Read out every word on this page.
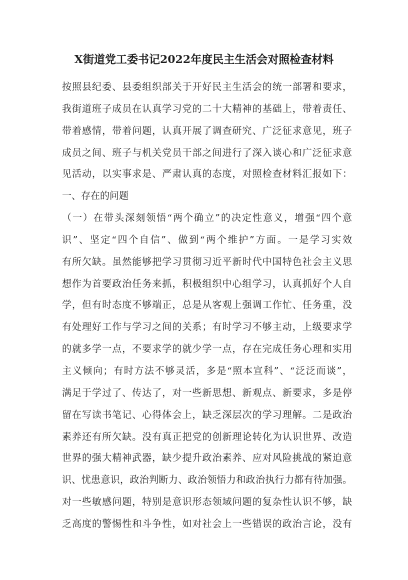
X街道党工委书记2022年度民主生活会对照检查材料
按照县纪委、县委组织部关于开好民主生活会的统一部署和要求，
我街道班子成员在认真学习党的二十大精神的基础上，带着责任、
带着感情，带着问题，认真开展了调查研究、广泛征求意见，班子
成员之间、班子与机关党员干部之间进行了深入谈心和广泛征求意
见活动，以实事求是、严肃认真的态度，对照检查材料汇报如下：
一、存在的问题
（一）在带头深刻领悟“两个确立”的决定性意义，增强“四个意
识”、坚定“四个自信”、做到“两个维护”方面。一是学习实效
有所欠缺。虽然能够把学习贯彻习近平新时代中国特色社会主义思
想作为首要政治任务来抓，积极组织中心组学习，认真抓好个人自
学，但有时态度不够端正，总是从客观上强调工作忙、任务重，没
有处理好工作与学习之间的关系；有时学习不够主动，上级要求学
的就多学一点，不要求学的就少学一点，存在完成任务心理和实用
主义倾向；有时方法不够灵活，多是“照本宣科”、“泛泛而谈”，
满足于学过了、传达了，对一些新思想、新观点、新要求，多是停
留在写读书笔记、心得体会上，缺乏深层次的学习理解。二是政治
素养还有所欠缺。没有真正把党的创新理论转化为认识世界、改造
世界的强大精神武器，缺少提升政治素养、应对风险挑战的紧迫意
识、忧患意识，政治判断力、政治领悟力和政治执行力都有待加强。
对一些敏感问题，特别是意识形态领域问题的复杂性认识不够，缺
乏高度的警惕性和斗争性，如对社会上一些错误的政治言论，没有
